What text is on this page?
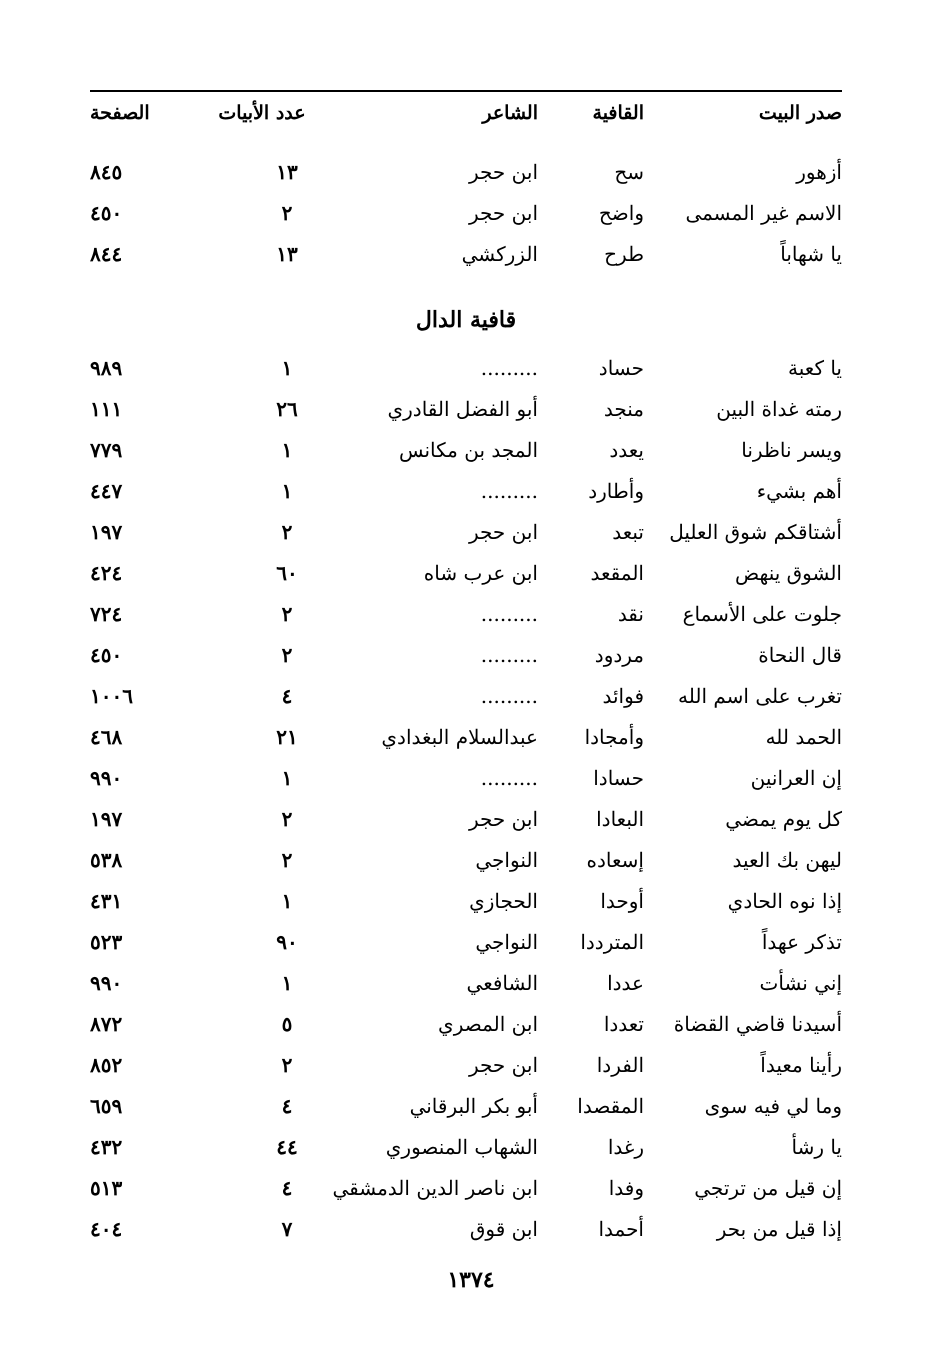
صدر البيت
القافية
الشاعر
عدد الأبيات
الصفحة
أزهور
سح
ابن حجر
١٣
٨٤٥
الاسم غير المسمى
واضح
ابن حجر
٢
٤٥٠
يا شهاباً
طرح
الزركشي
١٣
٨٤٤
قافية الدال
يا كعبة
حساد
.........
١
٩٨٩
رمته غداة البين
منجد
أبو الفضل القادري
٢٦
١١١
ويسر ناظرنا
يعدد
المجد بن مكانس
١
٧٧٩
أهم بشيء
وأطارد
.........
١
٤٤٧
أشتاقكم شوق العليل
تبعد
ابن حجر
٢
١٩٧
الشوق ينهض
المقعد
ابن عرب شاه
٦٠
٤٢٤
جلوت على الأسماع
نقد
.........
٢
٧٢٤
قال النحاة
مردود
.........
٢
٤٥٠
تغرب على اسم الله
فوائد
.........
٤
١٠٠٦
الحمد لله
وأمجادا
عبدالسلام البغدادي
٢١
٤٦٨
إن العرانين
حسادا
.........
١
٩٩٠
كل يوم يمضي
البعادا
ابن حجر
٢
١٩٧
ليهن بك العيد
إسعاده
النواجي
٢
٥٣٨
إذا نوه الحادي
أوحدا
الحجازي
١
٤٣١
تذكر عهداً
المترددا
النواجي
٩٠
٥٢٣
إني نشأت
عددا
الشافعي
١
٩٩٠
أسيدنا قاضي القضاة
تعددا
ابن المصري
٥
٨٧٢
رأينا معيداً
الفردا
ابن حجر
٢
٨٥٢
وما لي فيه سوى
المقصدا
أبو بكر البرقاني
٤
٦٥٩
يا رشأ
رغدا
الشهاب المنصوري
٤٤
٤٣٢
إن قيل من ترتجي
وفدا
ابن ناصر الدين الدمشقي
٤
٥١٣
إذا قيل من بحر
أحمدا
ابن قوق
٧
٤٠٤
١٣٧٤
